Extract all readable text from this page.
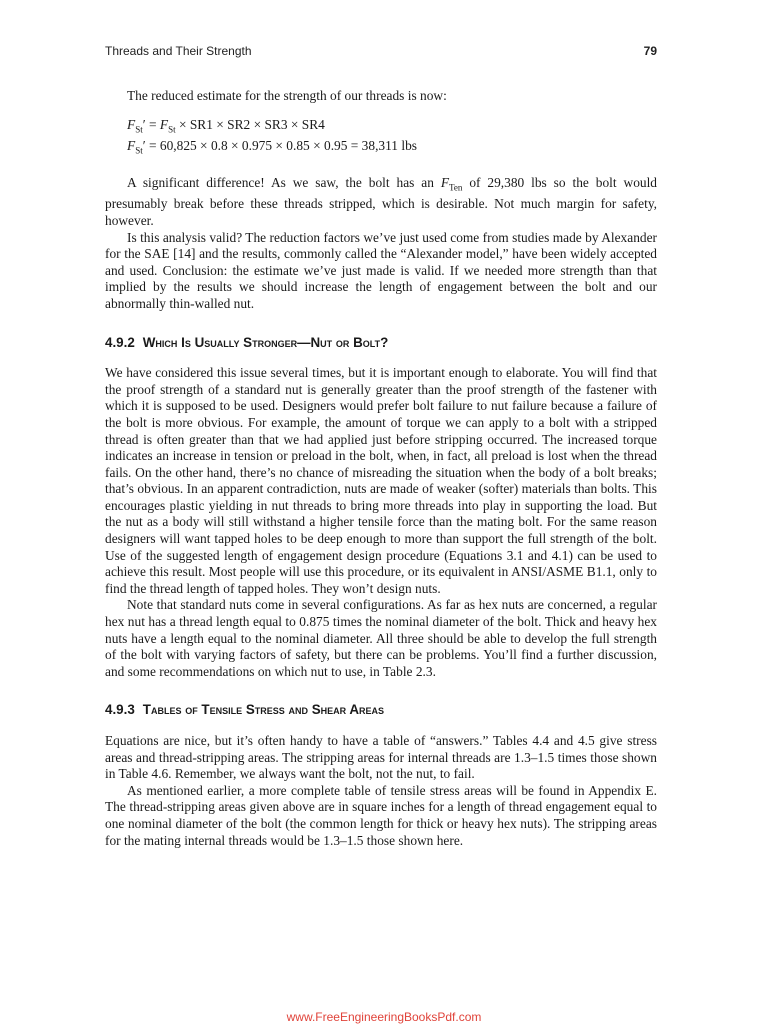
Threads and Their Strength	79

The reduced estimate for the strength of our threads is now:

$F_{St}' = F_{St} \times SR1 \times SR2 \times SR3 \times SR4$
$F_{St}' = 60,825 \times 0.8 \times 0.975 \times 0.85 \times 0.95 = 38,311$ lbs

A significant difference! As we saw, the bolt has an $F_{Ten}$ of 29,380 lbs so the bolt would presumably break before these threads stripped, which is desirable. Not much margin for safety, however.

Is this analysis valid? The reduction factors we’ve just used come from studies made by Alexander for the SAE [14] and the results, commonly called the “Alexander model,” have been widely accepted and used. Conclusion: the estimate we’ve just made is valid. If we needed more strength than that implied by the results we should increase the length of engagement between the bolt and our abnormally thin-walled nut.

4.9.2 Which Is Usually Stronger—Nut or Bolt?

We have considered this issue several times, but it is important enough to elaborate. You will find that the proof strength of a standard nut is generally greater than the proof strength of the fastener with which it is supposed to be used. Designers would prefer bolt failure to nut failure because a failure of the bolt is more obvious. For example, the amount of torque we can apply to a bolt with a stripped thread is often greater than that we had applied just before stripping occurred. The increased torque indicates an increase in tension or preload in the bolt, when, in fact, all preload is lost when the thread fails. On the other hand, there’s no chance of misreading the situation when the body of a bolt breaks; that’s obvious. In an apparent contradiction, nuts are made of weaker (softer) materials than bolts. This encourages plastic yielding in nut threads to bring more threads into play in supporting the load. But the nut as a body will still withstand a higher tensile force than the mating bolt. For the same reason designers will want tapped holes to be deep enough to more than support the full strength of the bolt. Use of the suggested length of engagement design procedure (Equations 3.1 and 4.1) can be used to achieve this result. Most people will use this procedure, or its equivalent in ANSI/ASME B1.1, only to find the thread length of tapped holes. They won’t design nuts.

Note that standard nuts come in several configurations. As far as hex nuts are concerned, a regular hex nut has a thread length equal to 0.875 times the nominal diameter of the bolt. Thick and heavy hex nuts have a length equal to the nominal diameter. All three should be able to develop the full strength of the bolt with varying factors of safety, but there can be problems. You’ll find a further discussion, and some recommendations on which nut to use, in Table 2.3.

4.9.3 Tables of Tensile Stress and Shear Areas

Equations are nice, but it’s often handy to have a table of “answers.” Tables 4.4 and 4.5 give stress areas and thread-stripping areas. The stripping areas for internal threads are 1.3–1.5 times those shown in Table 4.6. Remember, we always want the bolt, not the nut, to fail.

As mentioned earlier, a more complete table of tensile stress areas will be found in Appendix E. The thread-stripping areas given above are in square inches for a length of thread engagement equal to one nominal diameter of the bolt (the common length for thick or heavy hex nuts). The stripping areas for the mating internal threads would be 1.3–1.5 those shown here.

www.FreeEngineeringBooksPdf.com
